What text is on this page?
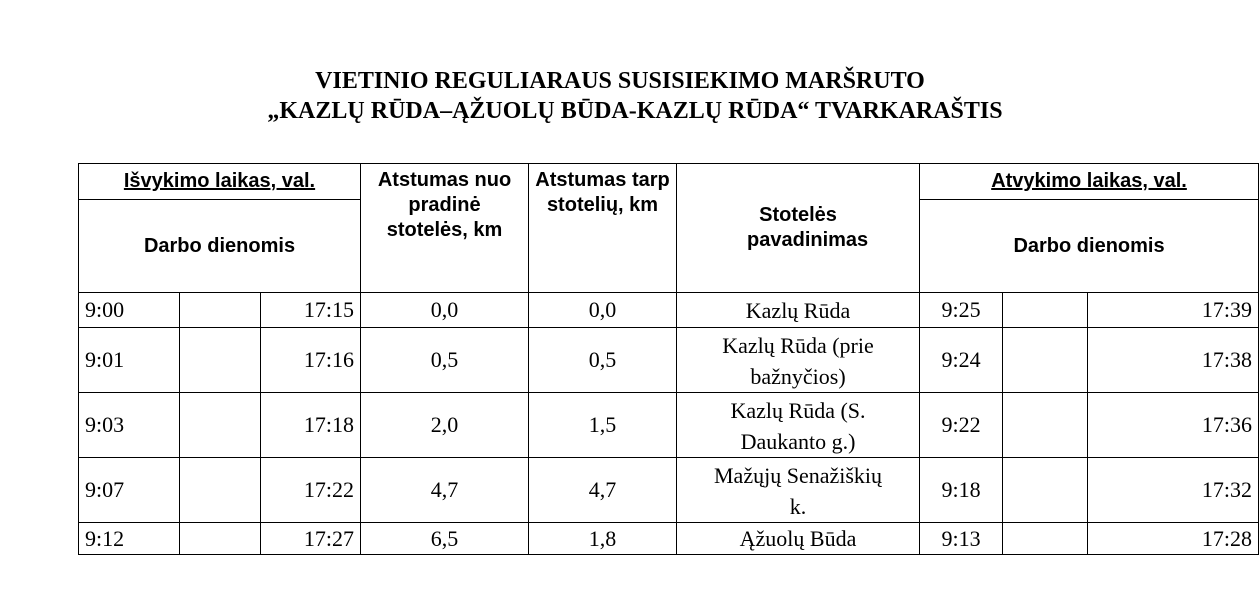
VIETINIO REGULIARAUS SUSISIEKIMO MARŠRUTO
„KAZLŲ RŪDA–ĄŽUOLŲ BŪDA-KAZLŲ RŪDA“ TVARKARAŠTIS
Išvykimo laikas, val.			Atstumas nuo pradinė stotelės, km	Atstumas tarp stotelių, km	Stotelės pavadinimas	Atvykimo laikas, val.		
Darbo dienomis						Darbo dienomis		
9:00		17:15	0,0	0,0	Kazlų Rūda	9:25		17:39
9:01		17:16	0,5	0,5	Kazlų Rūda (prie bažnyčios)	9:24		17:38
9:03		17:18	2,0	1,5	Kazlų Rūda (S. Daukanto g.)	9:22		17:36
9:07		17:22	4,7	4,7	Mažųjų Senažiškių k.	9:18		17:32
9:12		17:27	6,5	1,8	Ąžuolų Būda	9:13		17:28
